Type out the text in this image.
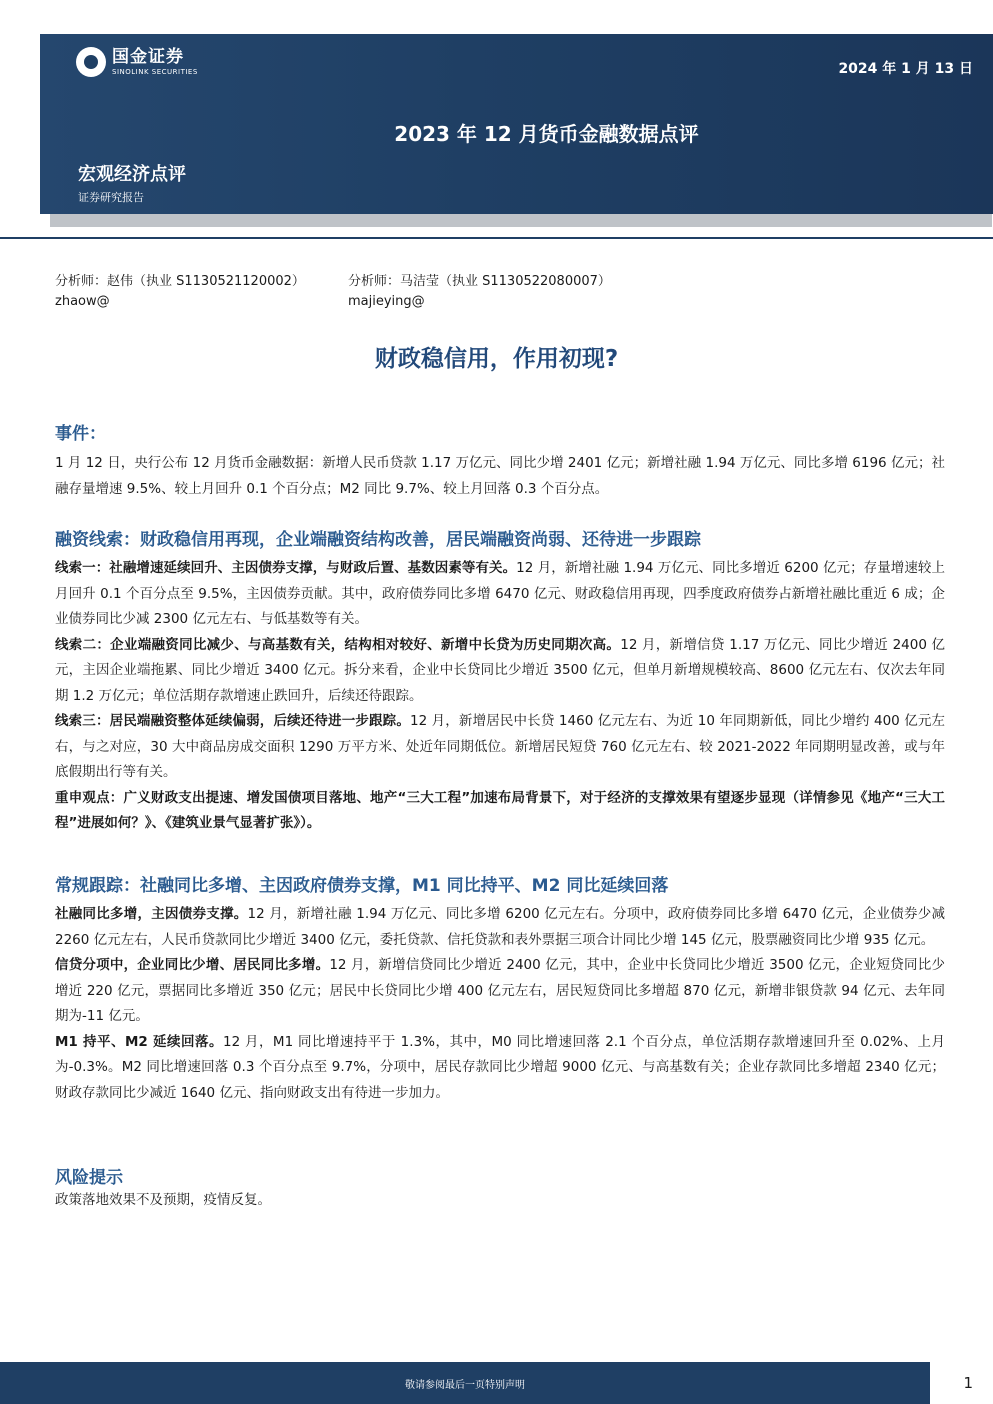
国金证券
SINOLINK SECURITIES	2024 年 1 月 13 日
2023 年 12 月货币金融数据点评
宏观经济点评
证券研究报告
分析师：赵伟（执业 S1130521120002）
zhaow@
分析师：马洁莹（执业 S1130522080007）
majieying@
财政稳信用，作用初现?
事件：

1 月 12 日，央行公布 12 月货币金融数据：新增人民币贷款 1.17 万亿元、同比少增 2401 亿元；新增社融 1.94 万亿元、同比多增 6196 亿元；社融存量增速 9.5%、较上月回升 0.1 个百分点；M2 同比 9.7%、较上月回落 0.3 个百分点。

融资线索：财政稳信用再现，企业端融资结构改善，居民端融资尚弱、还待进一步跟踪

线索一：社融增速延续回升、主因债券支撑，与财政后置、基数因素等有关。12 月，新增社融 1.94 万亿元、同比多增近 6200 亿元；存量增速较上月回升 0.1 个百分点至 9.5%，主因债券贡献。其中，政府债券同比多增 6470 亿元、财政稳信用再现，四季度政府债券占新增社融比重近 6 成；企业债券同比少减 2300 亿元左右、与低基数等有关。

线索二：企业端融资同比减少、与高基数有关，结构相对较好、新增中长贷为历史同期次高。12 月，新增信贷 1.17 万亿元、同比少增近 2400 亿元，主因企业端拖累、同比少增近 3400 亿元。拆分来看，企业中长贷同比少增近 3500 亿元，但单月新增规模较高、8600 亿元左右、仅次去年同期 1.2 万亿元；单位活期存款增速止跌回升，后续还待跟踪。

线索三：居民端融资整体延续偏弱，后续还待进一步跟踪。12 月，新增居民中长贷 1460 亿元左右、为近 10 年同期新低，同比少增约 400 亿元左右，与之对应，30 大中商品房成交面积 1290 万平方米、处近年同期低位。新增居民短贷 760 亿元左右、较 2021-2022 年同期明显改善，或与年底假期出行等有关。

重申观点：广义财政支出提速、增发国债项目落地、地产“三大工程”加速布局背景下，对于经济的支撑效果有望逐步显现（详情参见《地产“三大工程”进展如何？》、《建筑业景气显著扩张》）。

常规跟踪：社融同比多增、主因政府债券支撑，M1 同比持平、M2 同比延续回落

社融同比多增，主因债券支撑。12 月，新增社融 1.94 万亿元、同比多增 6200 亿元左右。分项中，政府债券同比多增 6470 亿元，企业债券少减 2260 亿元左右，人民币贷款同比少增近 3400 亿元，委托贷款、信托贷款和表外票据三项合计同比少增 145 亿元，股票融资同比少增 935 亿元。

信贷分项中，企业同比少增、居民同比多增。12 月，新增信贷同比少增近 2400 亿元，其中，企业中长贷同比少增近 3500 亿元，企业短贷同比少增近 220 亿元，票据同比多增近 350 亿元；居民中长贷同比少增 400 亿元左右，居民短贷同比多增超 870 亿元，新增非银贷款 94 亿元、去年同期为-11 亿元。

M1 持平、M2 延续回落。12 月，M1 同比增速持平于 1.3%，其中，M0 同比增速回落 2.1 个百分点，单位活期存款增速回升至 0.02%、上月为-0.3%。M2 同比增速回落 0.3 个百分点至 9.7%，分项中，居民存款同比少增超 9000 亿元、与高基数有关；企业存款同比多增超 2340 亿元；财政存款同比少减近 1640 亿元、指向财政支出有待进一步加力。

风险提示

政策落地效果不及预期，疫情反复。

敬请参阅最后一页特别声明	1
